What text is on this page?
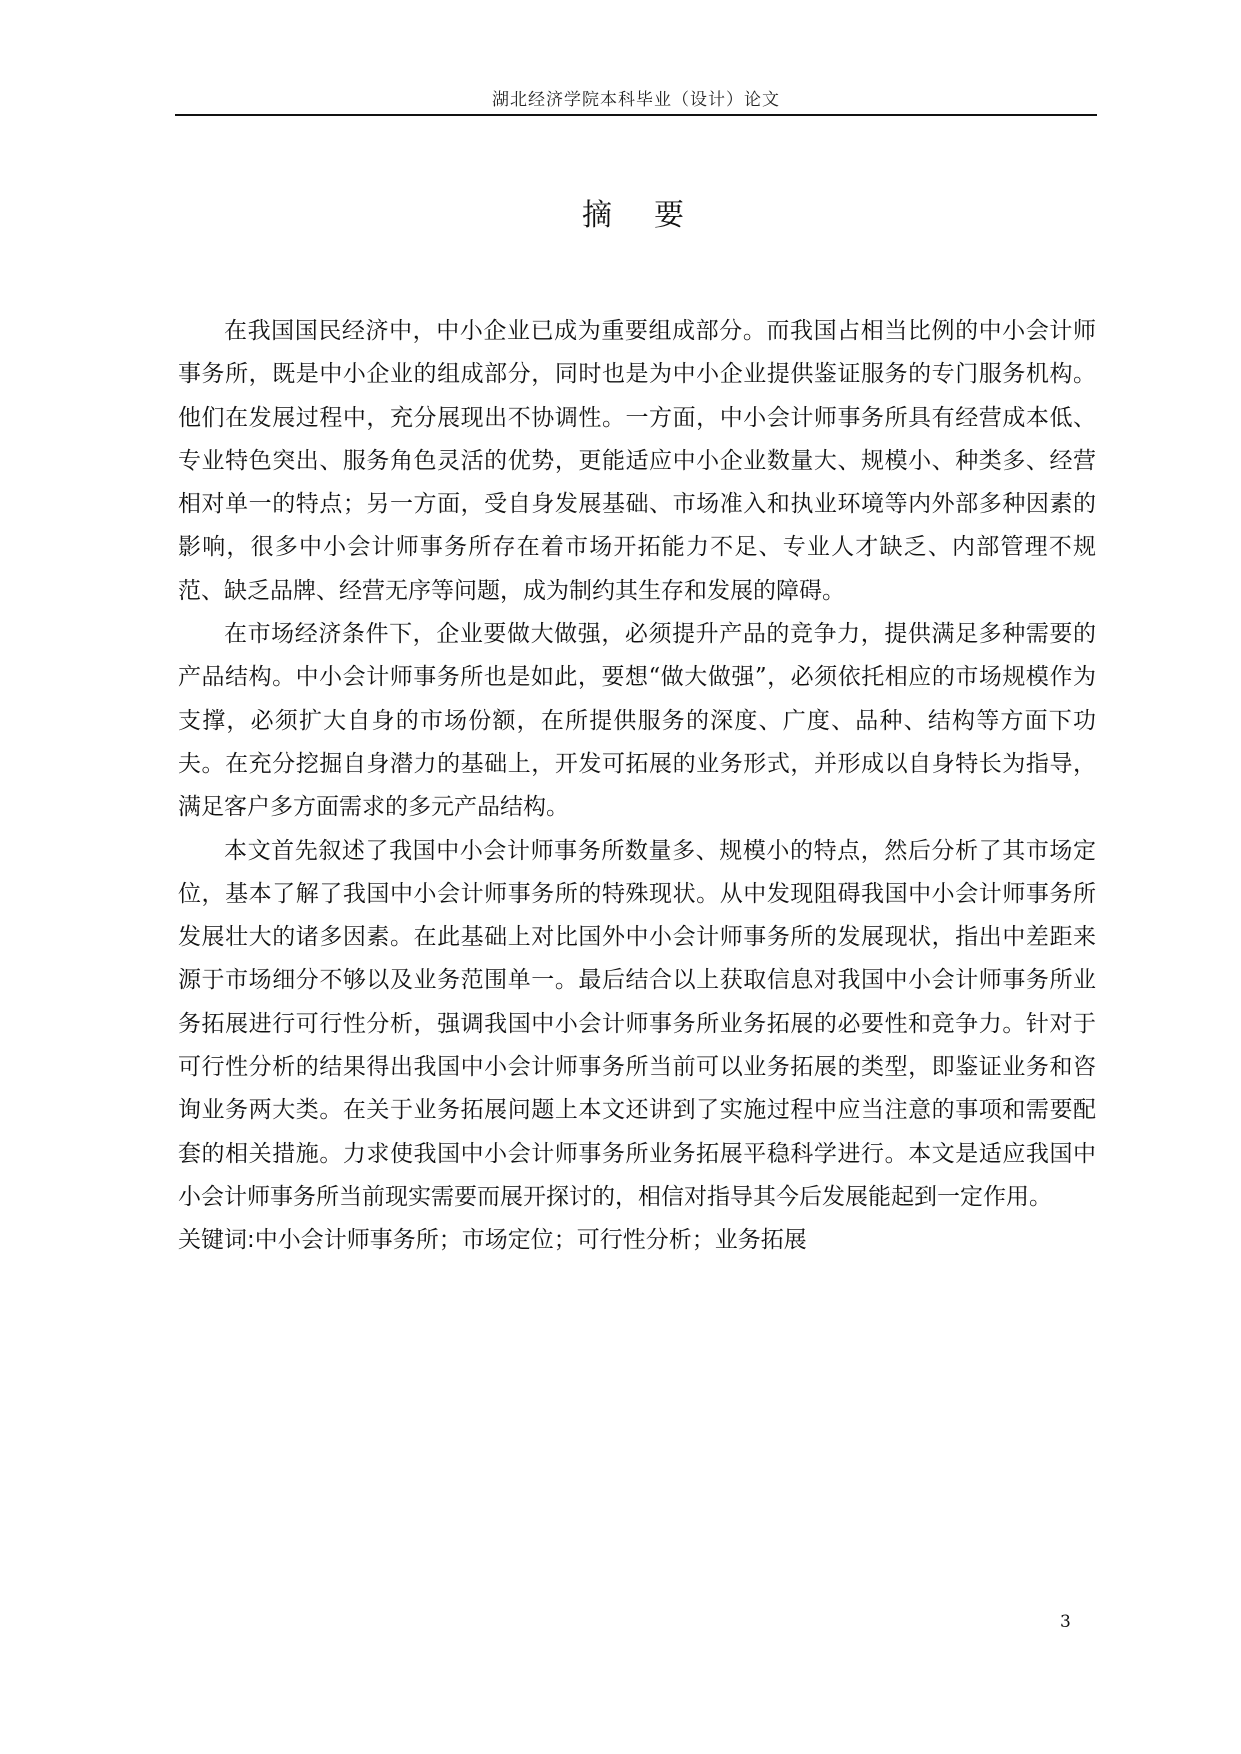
湖北经济学院本科毕业（设计）论文
摘　要

在我国国民经济中，中小企业已成为重要组成部分。而我国占相当比例的中小会计师事务所，既是中小企业的组成部分，同时也是为中小企业提供鉴证服务的专门服务机构。他们在发展过程中，充分展现出不协调性。一方面，中小会计师事务所具有经营成本低、专业特色突出、服务角色灵活的优势，更能适应中小企业数量大、规模小、种类多、经营相对单一的特点；另一方面，受自身发展基础、市场准入和执业环境等内外部多种因素的影响，很多中小会计师事务所存在着市场开拓能力不足、专业人才缺乏、内部管理不规范、缺乏品牌、经营无序等问题，成为制约其生存和发展的障碍。

在市场经济条件下，企业要做大做强，必须提升产品的竞争力，提供满足多种需要的产品结构。中小会计师事务所也是如此，要想“做大做强”，必须依托相应的市场规模作为支撑，必须扩大自身的市场份额，在所提供服务的深度、广度、品种、结构等方面下功夫。在充分挖掘自身潜力的基础上，开发可拓展的业务形式，并形成以自身特长为指导，满足客户多方面需求的多元产品结构。

本文首先叙述了我国中小会计师事务所数量多、规模小的特点，然后分析了其市场定位，基本了解了我国中小会计师事务所的特殊现状。从中发现阻碍我国中小会计师事务所发展壮大的诸多因素。在此基础上对比国外中小会计师事务所的发展现状，指出中差距来源于市场细分不够以及业务范围单一。最后结合以上获取信息对我国中小会计师事务所业务拓展进行可行性分析，强调我国中小会计师事务所业务拓展的必要性和竞争力。针对于可行性分析的结果得出我国中小会计师事务所当前可以业务拓展的类型，即鉴证业务和咨询业务两大类。在关于业务拓展问题上本文还讲到了实施过程中应当注意的事项和需要配套的相关措施。力求使我国中小会计师事务所业务拓展平稳科学进行。本文是适应我国中小会计师事务所当前现实需要而展开探讨的，相信对指导其今后发展能起到一定作用。

关键词:中小会计师事务所；市场定位；可行性分析；业务拓展
3
